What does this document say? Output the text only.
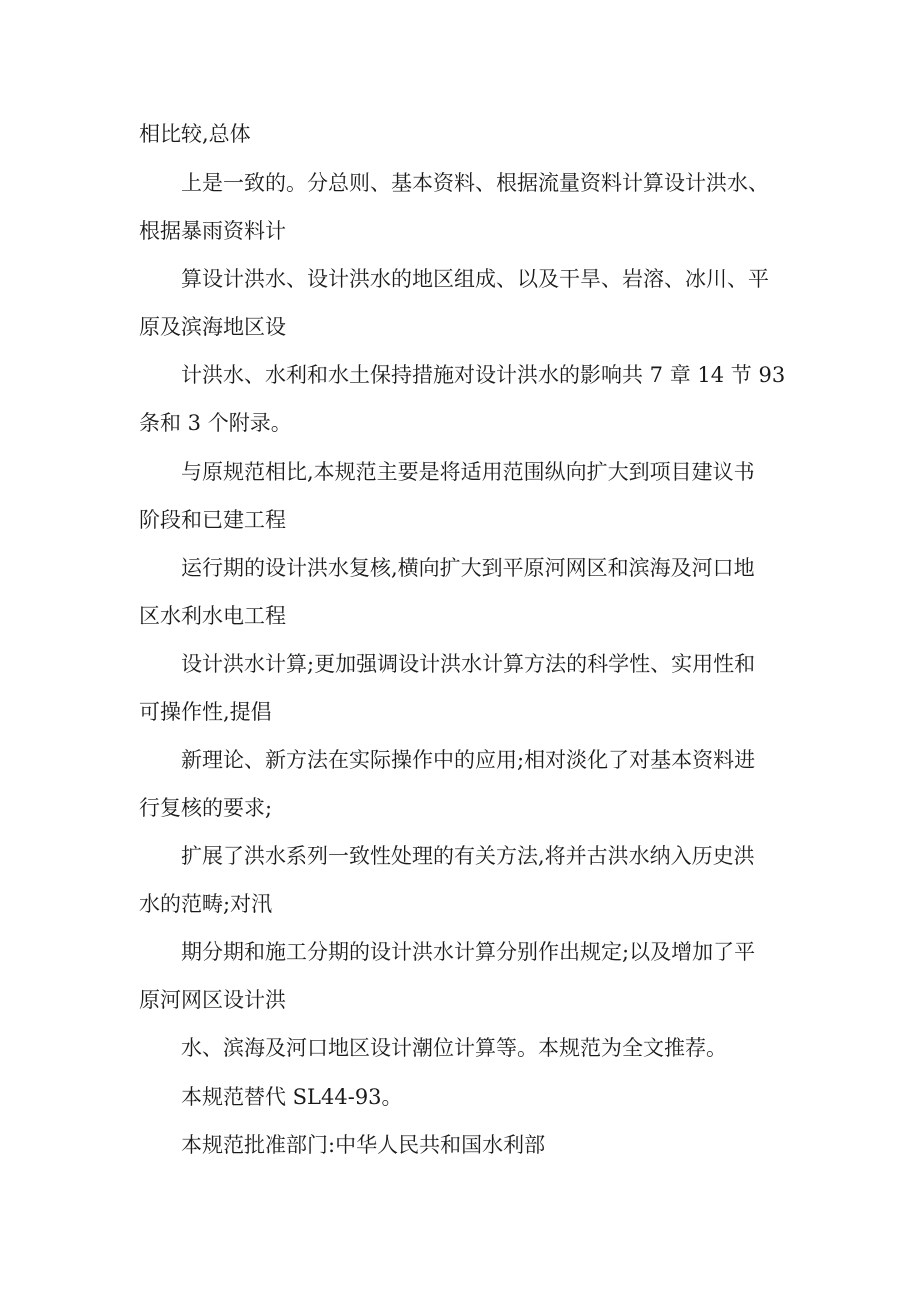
相比较,总体
上是一致的。分总则、基本资料、根据流量资料计算设计洪水、
根据暴雨资料计
算设计洪水、设计洪水的地区组成、以及干旱、岩溶、冰川、平
原及滨海地区设
计洪水、水利和水土保持措施对设计洪水的影响共 7 章 14 节 93
条和 3 个附录。
与原规范相比,本规范主要是将适用范围纵向扩大到项目建议书
阶段和已建工程
运行期的设计洪水复核,横向扩大到平原河网区和滨海及河口地
区水利水电工程
设计洪水计算;更加强调设计洪水计算方法的科学性、实用性和
可操作性,提倡
新理论、新方法在实际操作中的应用;相对淡化了对基本资料进
行复核的要求;
扩展了洪水系列一致性处理的有关方法,将并古洪水纳入历史洪
水的范畴;对汛
期分期和施工分期的设计洪水计算分别作出规定;以及增加了平
原河网区设计洪
水、滨海及河口地区设计潮位计算等。本规范为全文推荐。
本规范替代 SL44-93。
本规范批准部门:中华人民共和国水利部
